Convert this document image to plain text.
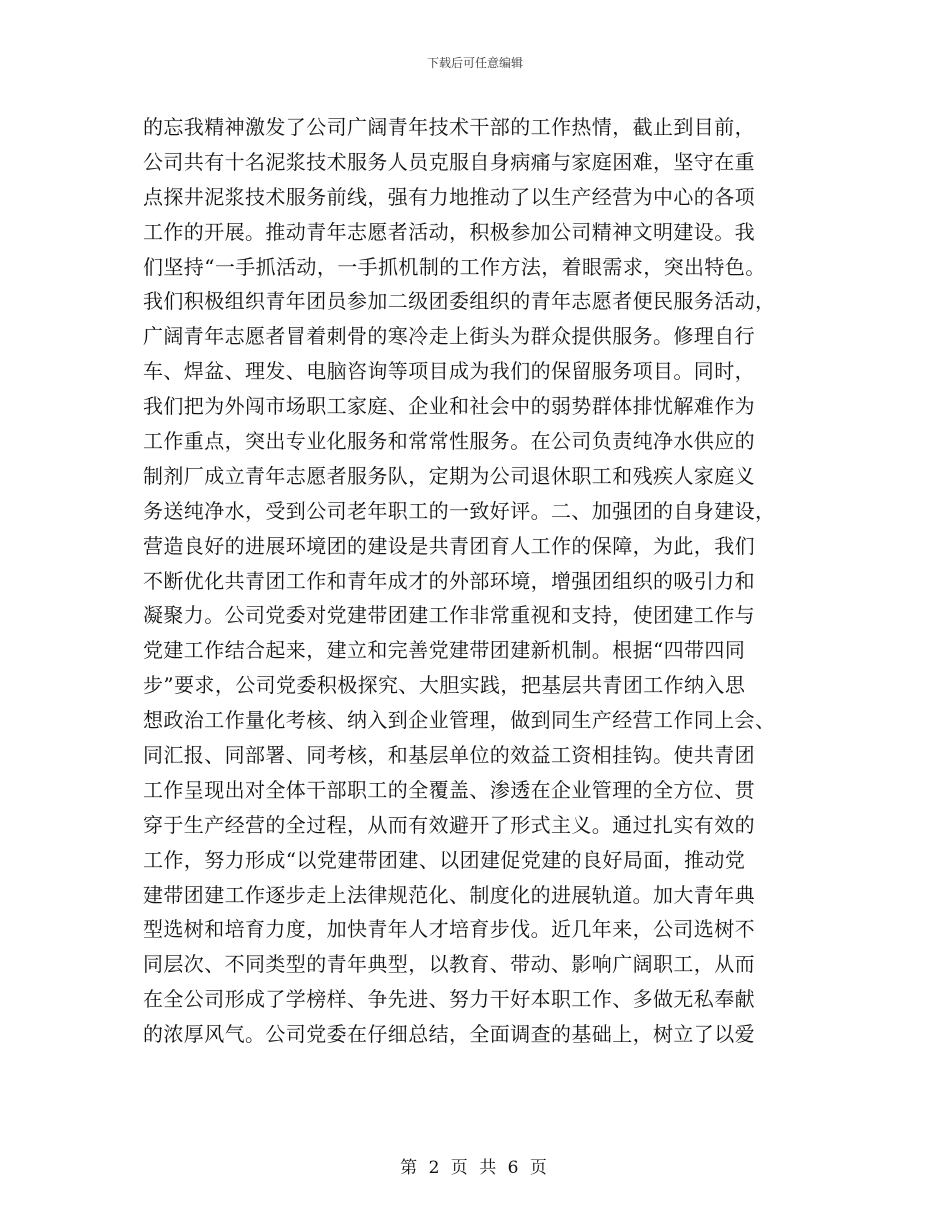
下载后可任意编辑
的忘我精神激发了公司广阔青年技术干部的工作热情，截止到目前，
公司共有十名泥浆技术服务人员克服自身病痛与家庭困难，坚守在重
点探井泥浆技术服务前线，强有力地推动了以生产经营为中心的各项
工作的开展。推动青年志愿者活动，积极参加公司精神文明建设。我
们坚持“一手抓活动，一手抓机制的工作方法，着眼需求，突出特色。
我们积极组织青年团员参加二级团委组织的青年志愿者便民服务活动，
广阔青年志愿者冒着刺骨的寒冷走上街头为群众提供服务。修理自行
车、焊盆、理发、电脑咨询等项目成为我们的保留服务项目。同时，
我们把为外闯市场职工家庭、企业和社会中的弱势群体排忧解难作为
工作重点，突出专业化服务和常常性服务。在公司负责纯净水供应的
制剂厂成立青年志愿者服务队，定期为公司退休职工和残疾人家庭义
务送纯净水，受到公司老年职工的一致好评。二、加强团的自身建设，
营造良好的进展环境团的建设是共青团育人工作的保障，为此，我们
不断优化共青团工作和青年成才的外部环境，增强团组织的吸引力和
凝聚力。公司党委对党建带团建工作非常重视和支持，使团建工作与
党建工作结合起来，建立和完善党建带团建新机制。根据“四带四同
步”要求，公司党委积极探究、大胆实践，把基层共青团工作纳入思
想政治工作量化考核、纳入到企业管理，做到同生产经营工作同上会、
同汇报、同部署、同考核，和基层单位的效益工资相挂钩。使共青团
工作呈现出对全体干部职工的全覆盖、渗透在企业管理的全方位、贯
穿于生产经营的全过程，从而有效避开了形式主义。通过扎实有效的
工作，努力形成“以党建带团建、以团建促党建的良好局面，推动党
建带团建工作逐步走上法律规范化、制度化的进展轨道。加大青年典
型选树和培育力度，加快青年人才培育步伐。近几年来，公司选树不
同层次、不同类型的青年典型，以教育、带动、影响广阔职工，从而
在全公司形成了学榜样、争先进、努力干好本职工作、多做无私奉献
的浓厚风气。公司党委在仔细总结，全面调查的基础上，树立了以爱
第 2 页 共 6 页
